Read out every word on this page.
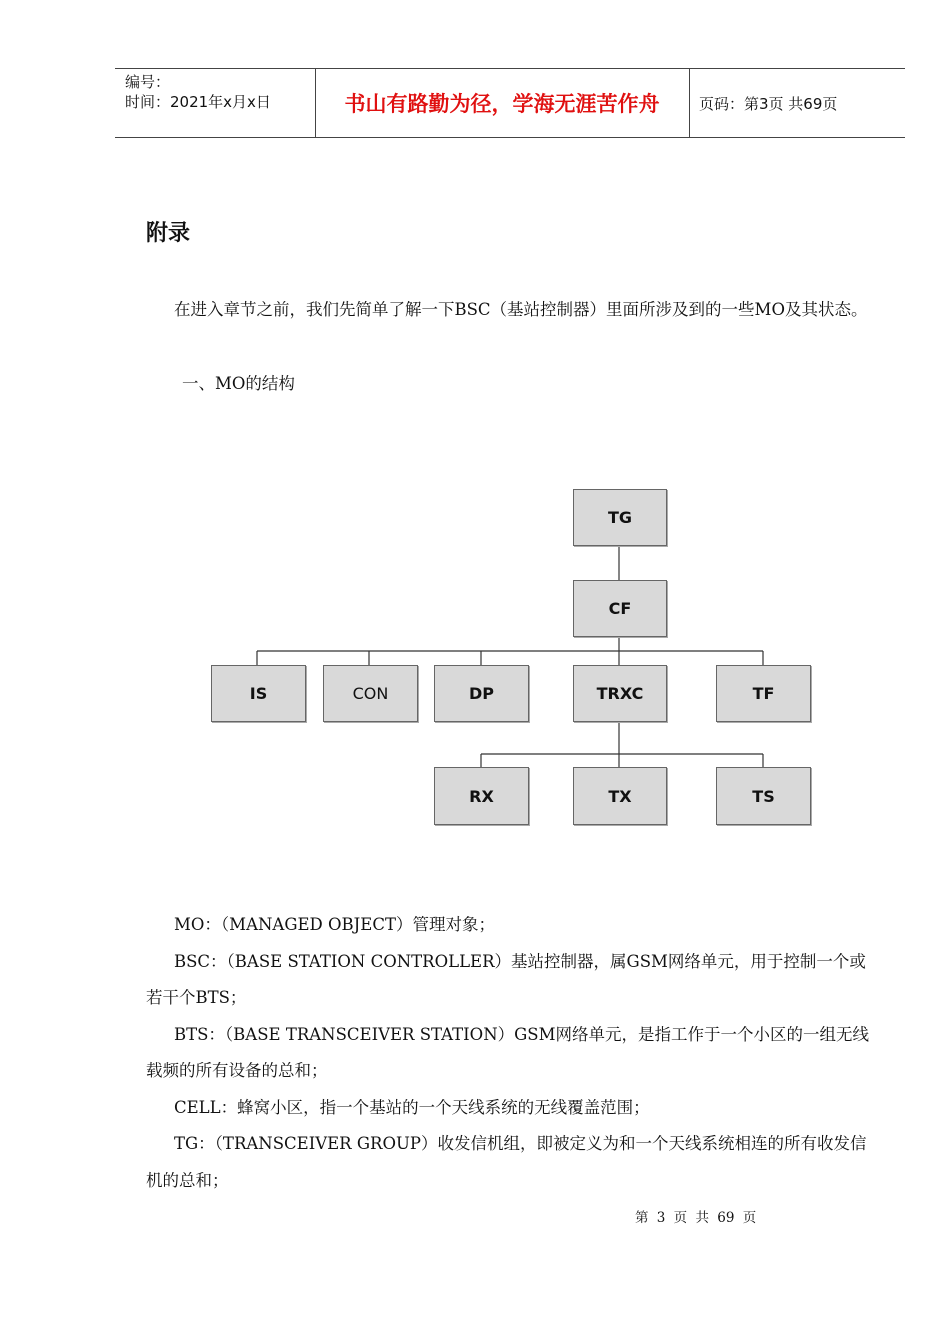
编号：
时间：2021年x月x日	书山有路勤为径，学海无涯苦作舟	页码：第3页 共69页
附录
在进入章节之前，我们先简单了解一下BSC（基站控制器）里面所涉及到的一些MO及其状态。
一、MO的结构
TG
CF
IS	CON	DP	TRXC	TF
RX	TX	TS

MO：（MANAGED OBJECT）管理对象；

BSC：（BASE STATION CONTROLLER）基站控制器，属GSM网络单元，用于控制一个或若干个BTS；

BTS：（BASE TRANSCEIVER STATION）GSM网络单元，是指工作于一个小区的一组无线载频的所有设备的总和；

CELL：蜂窝小区，指一个基站的一个天线系统的无线覆盖范围；

TG：（TRANSCEIVER GROUP）收发信机组，即被定义为和一个天线系统相连的所有收发信机的总和；

第 3 页 共 69 页
